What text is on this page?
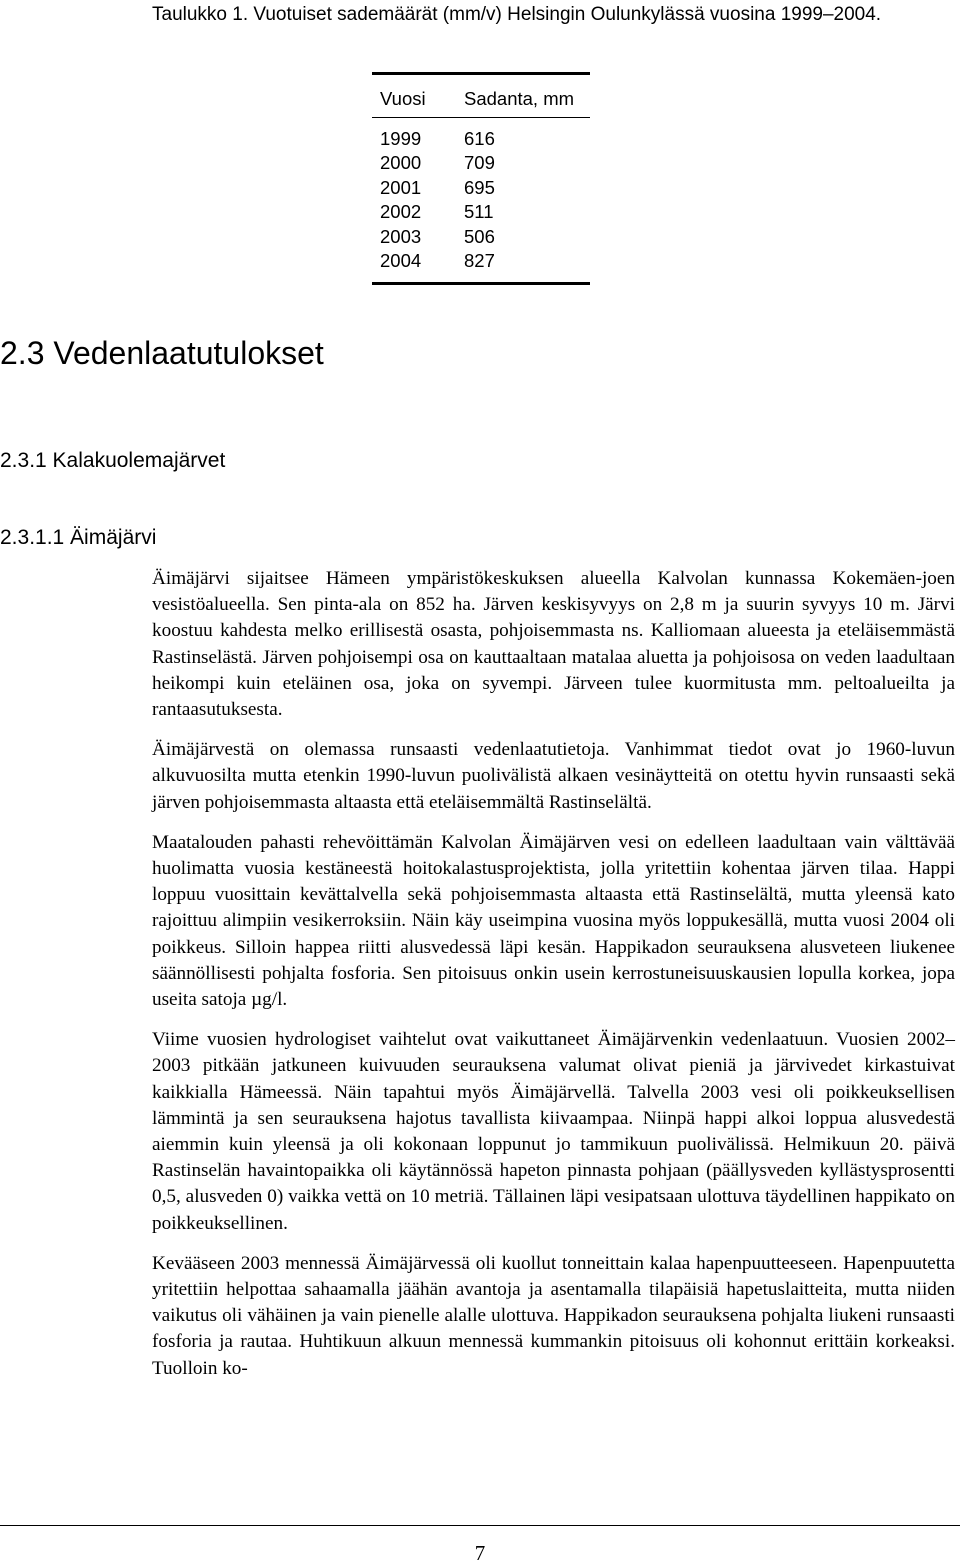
Taulukko 1. Vuotuiset sademäärät (mm/v) Helsingin Oulunkylässä vuosina 1999–2004.
Vuosi	Sadanta, mm
1999	616
2000	709
2001	695
2002	511
2003	506
2004	827
2.3 Vedenlaatutulokset
2.3.1 Kalakuolemajärvet
2.3.1.1 Äimäjärvi

Äimäjärvi sijaitsee Hämeen ympäristökeskuksen alueella Kalvolan kunnassa Kokemäen-joen vesistöalueella. Sen pinta-ala on 852 ha. Järven keskisyvyys on 2,8 m ja suurin syvyys 10 m. Järvi koostuu kahdesta melko erillisestä osasta, pohjoisemmasta ns. Kalliomaan alueesta ja eteläisemmästä Rastinselästä. Järven pohjoisempi osa on kauttaaltaan matalaa aluetta ja pohjoisosa on veden laadultaan heikompi kuin eteläinen osa, joka on syvempi. Järveen tulee kuormitusta mm. peltoalueilta ja rantaasutuksesta.

Äimäjärvestä on olemassa runsaasti vedenlaatutietoja. Vanhimmat tiedot ovat jo 1960-luvun alkuvuosilta mutta etenkin 1990-luvun puolivälistä alkaen vesinäytteitä on otettu hyvin runsaasti sekä järven pohjoisemmasta altaasta että eteläisemmältä Rastinselältä.

Maatalouden pahasti rehevöittämän Kalvolan Äimäjärven vesi on edelleen laadultaan vain välttävää huolimatta vuosia kestäneestä hoitokalastusprojektista, jolla yritettiin kohentaa järven tilaa. Happi loppuu vuosittain kevättalvella sekä pohjoisemmasta altaasta että Rastinselältä, mutta yleensä kato rajoittuu alimpiin vesikerroksiin. Näin käy useimpina vuosina myös loppukesällä, mutta vuosi 2004 oli poikkeus. Silloin happea riitti alusvedessä läpi kesän. Happikadon seurauksena alusveteen liukenee säännöllisesti pohjalta fosforia. Sen pitoisuus onkin usein kerrostuneisuuskausien lopulla korkea, jopa useita satoja µg/l.

Viime vuosien hydrologiset vaihtelut ovat vaikuttaneet Äimäjärvenkin vedenlaatuun. Vuosien 2002–2003 pitkään jatkuneen kuivuuden seurauksena valumat olivat pieniä ja järvivedet kirkastuivat kaikkialla Hämeessä. Näin tapahtui myös Äimäjärvellä. Talvella 2003 vesi oli poikkeuksellisen lämmintä ja sen seurauksena hajotus tavallista kiivaampaa. Niinpä happi alkoi loppua alusvedestä aiemmin kuin yleensä ja oli kokonaan loppunut jo tammikuun puolivälissä. Helmikuun 20. päivä Rastinselän havaintopaikka oli käytännössä hapeton pinnasta pohjaan (päällysveden kyllästysprosentti 0,5, alusveden 0) vaikka vettä on 10 metriä. Tällainen läpi vesipatsaan ulottuva täydellinen happikato on poikkeuksellinen.

Kevääseen 2003 mennessä Äimäjärvessä oli kuollut tonneittain kalaa hapenpuutteeseen. Hapenpuutetta yritettiin helpottaa sahaamalla jäähän avantoja ja asentamalla tilapäisiä hapetuslaitteita, mutta niiden vaikutus oli vähäinen ja vain pienelle alalle ulottuva. Happikadon seurauksena pohjalta liukeni runsaasti fosforia ja rautaa. Huhtikuun alkuun mennessä kummankin pitoisuus oli kohonnut erittäin korkeaksi. Tuolloin ko-

7
